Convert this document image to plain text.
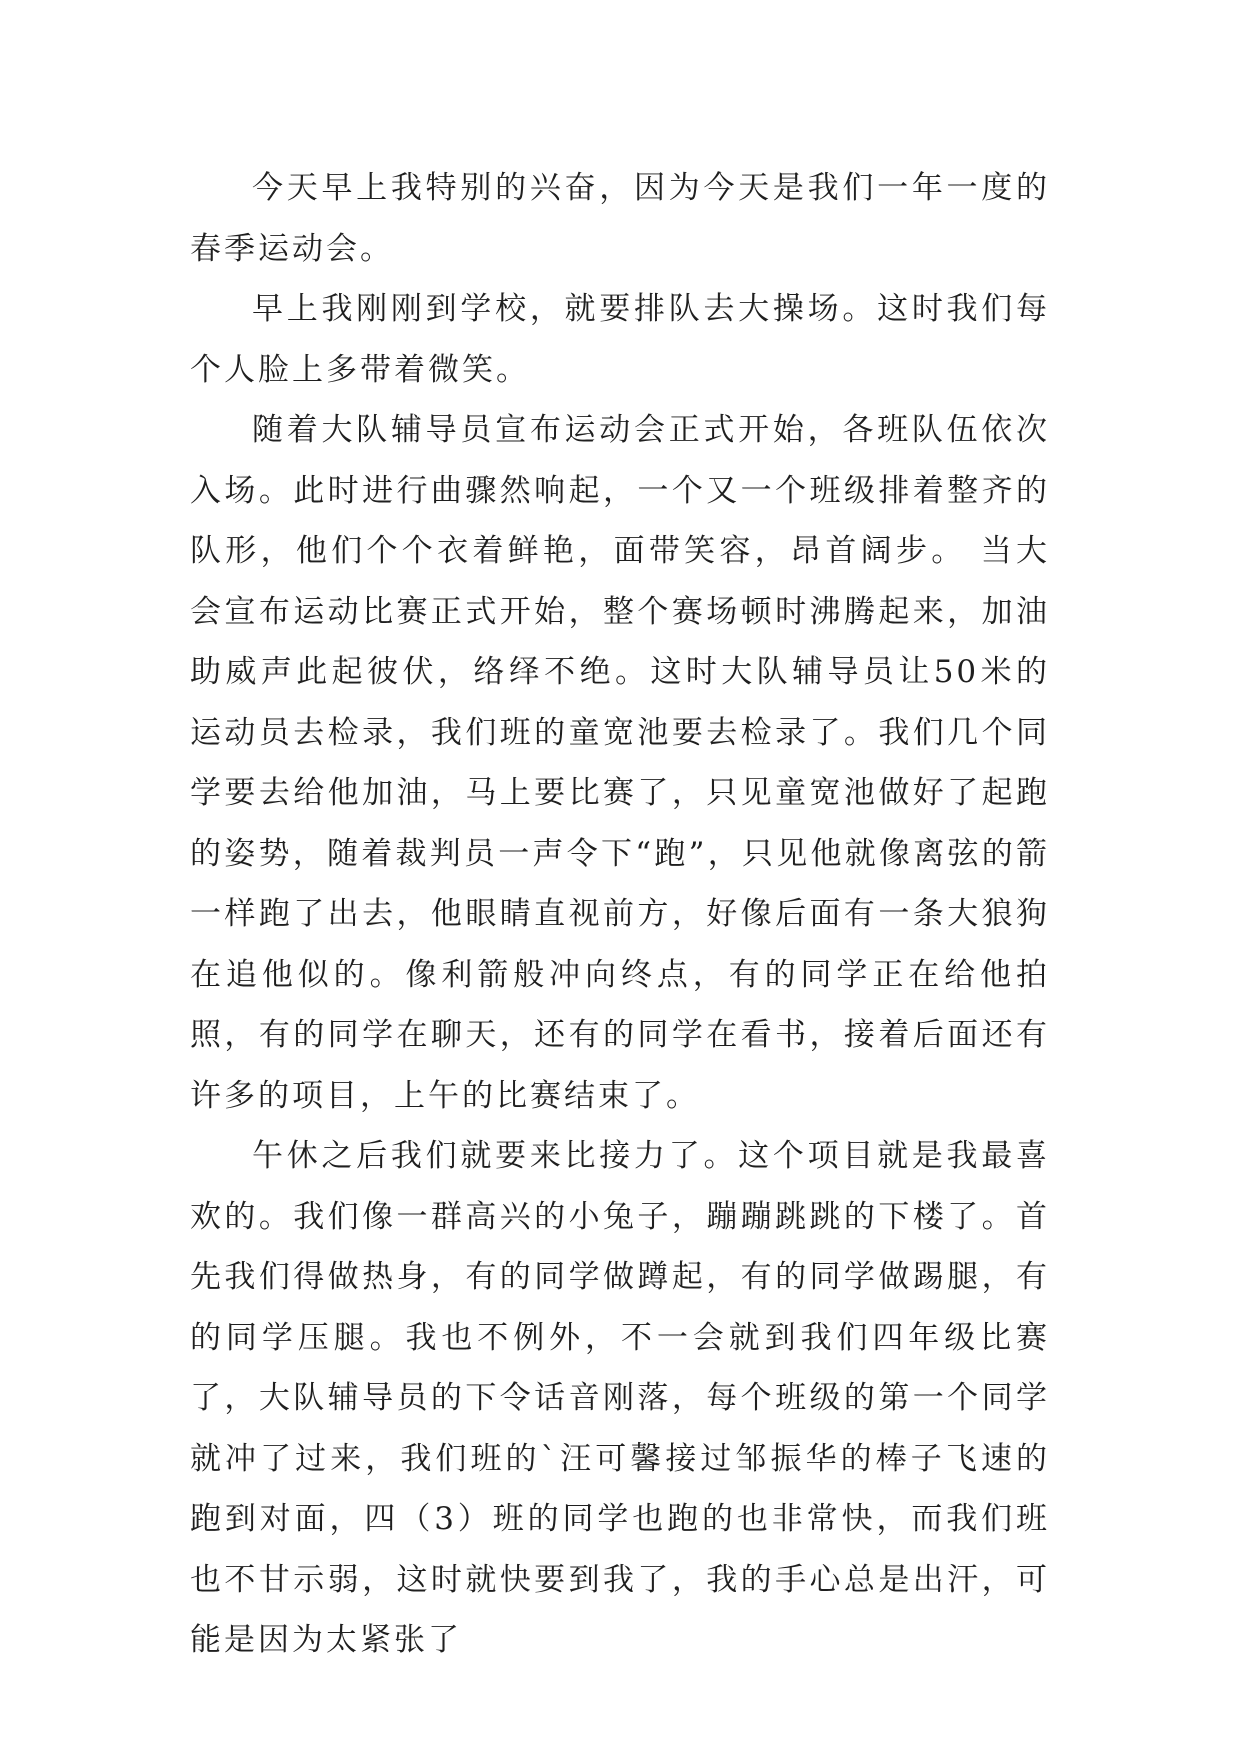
今天早上我特别的兴奋，因为今天是我们一年一度的春季运动会。

早上我刚刚到学校，就要排队去大操场。这时我们每个人脸上多带着微笑。

随着大队辅导员宣布运动会正式开始，各班队伍依次入场。此时进行曲骤然响起，一个又一个班级排着整齐的队形，他们个个衣着鲜艳，面带笑容，昂首阔步。 当大会宣布运动比赛正式开始，整个赛场顿时沸腾起来，加油助威声此起彼伏，络绎不绝。这时大队辅导员让50米的运动员去检录，我们班的童宽池要去检录了。我们几个同学要去给他加油，马上要比赛了，只见童宽池做好了起跑的姿势，随着裁判员一声令下“跑”，只见他就像离弦的箭一样跑了出去，他眼睛直视前方，好像后面有一条大狼狗在追他似的。像利箭般冲向终点，有的同学正在给他拍照，有的同学在聊天，还有的同学在看书，接着后面还有许多的项目，上午的比赛结束了。

午休之后我们就要来比接力了。这个项目就是我最喜欢的。我们像一群高兴的小兔子，蹦蹦跳跳的下楼了。首先我们得做热身，有的同学做蹲起，有的同学做踢腿，有的同学压腿。我也不例外，不一会就到我们四年级比赛了，大队辅导员的下令话音刚落，每个班级的第一个同学就冲了过来，我们班的`汪可馨接过邹振华的棒子飞速的跑到对面，四（3）班的同学也跑的也非常快，而我们班也不甘示弱，这时就快要到我了，我的手心总是出汗，可能是因为太紧张了
